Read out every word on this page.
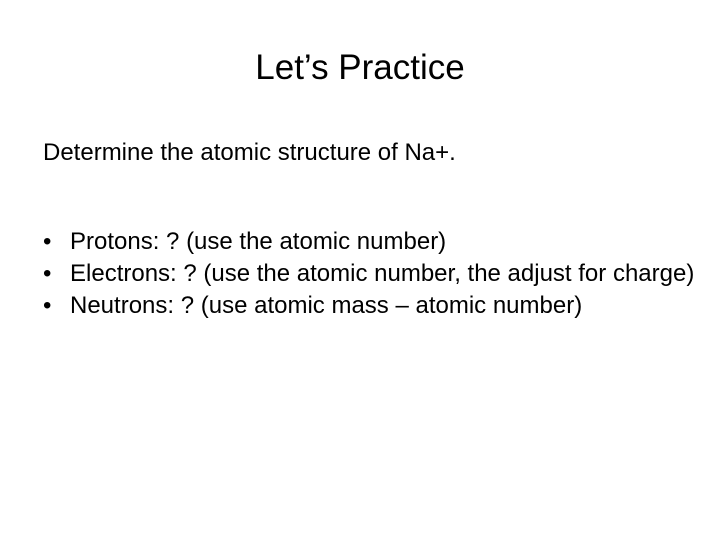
Let’s Practice
Determine the atomic structure of Na+.
• Protons: ? (use the atomic number)
• Electrons: ? (use the atomic number, the adjust for charge)
• Neutrons: ? (use atomic mass – atomic number)
